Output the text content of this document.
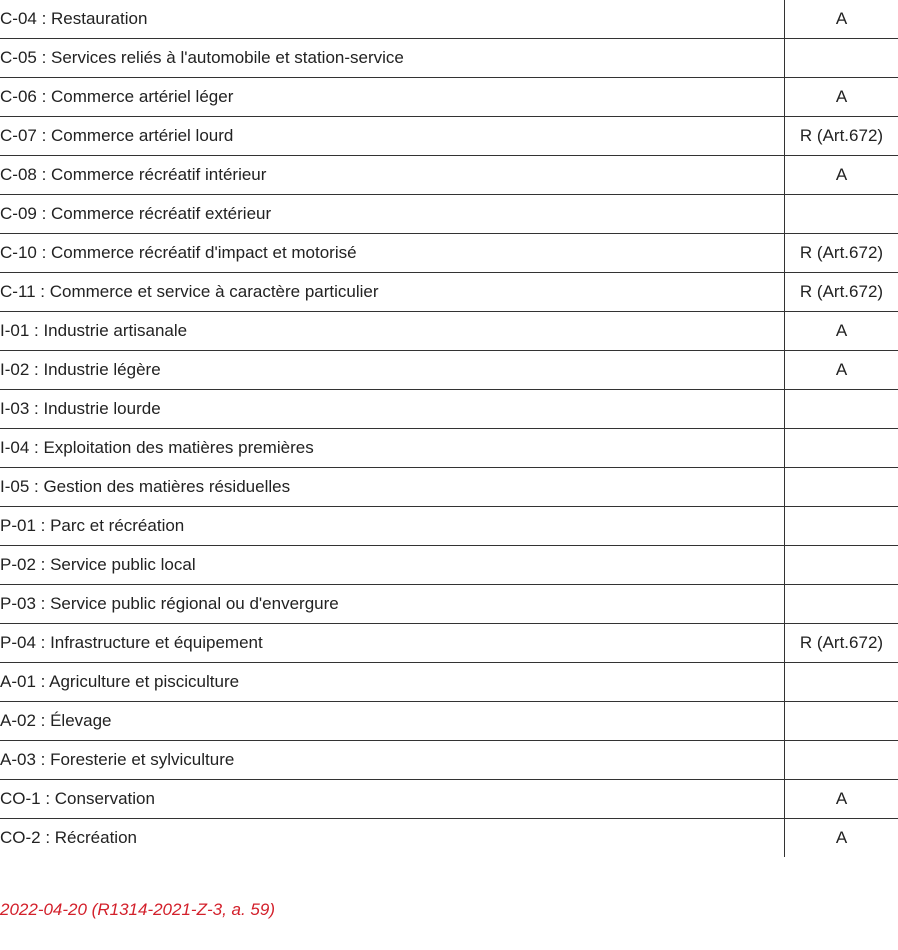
C-04 : Restauration	A
C-05 : Services reliés à l'automobile et station-service	
C-06 : Commerce artériel léger	A
C-07 : Commerce artériel lourd	R (Art.672)
C-08 : Commerce récréatif intérieur	A
C-09 : Commerce récréatif extérieur	
C-10 : Commerce récréatif d'impact et motorisé	R (Art.672)
C-11 : Commerce et service à caractère particulier	R (Art.672)
I-01 : Industrie artisanale	A
I-02 : Industrie légère	A
I-03 : Industrie lourde	
I-04 : Exploitation des matières premières	
I-05 : Gestion des matières résiduelles	
P-01 : Parc et récréation	
P-02 : Service public local	
P-03 : Service public régional ou d'envergure	
P-04 : Infrastructure et équipement	R (Art.672)
A-01 : Agriculture et pisciculture	
A-02 : Élevage	
A-03 : Foresterie et sylviculture	
CO-1 : Conservation	A
CO-2 : Récréation	A
2022-04-20 (R1314-2021-Z-3, a. 59)
